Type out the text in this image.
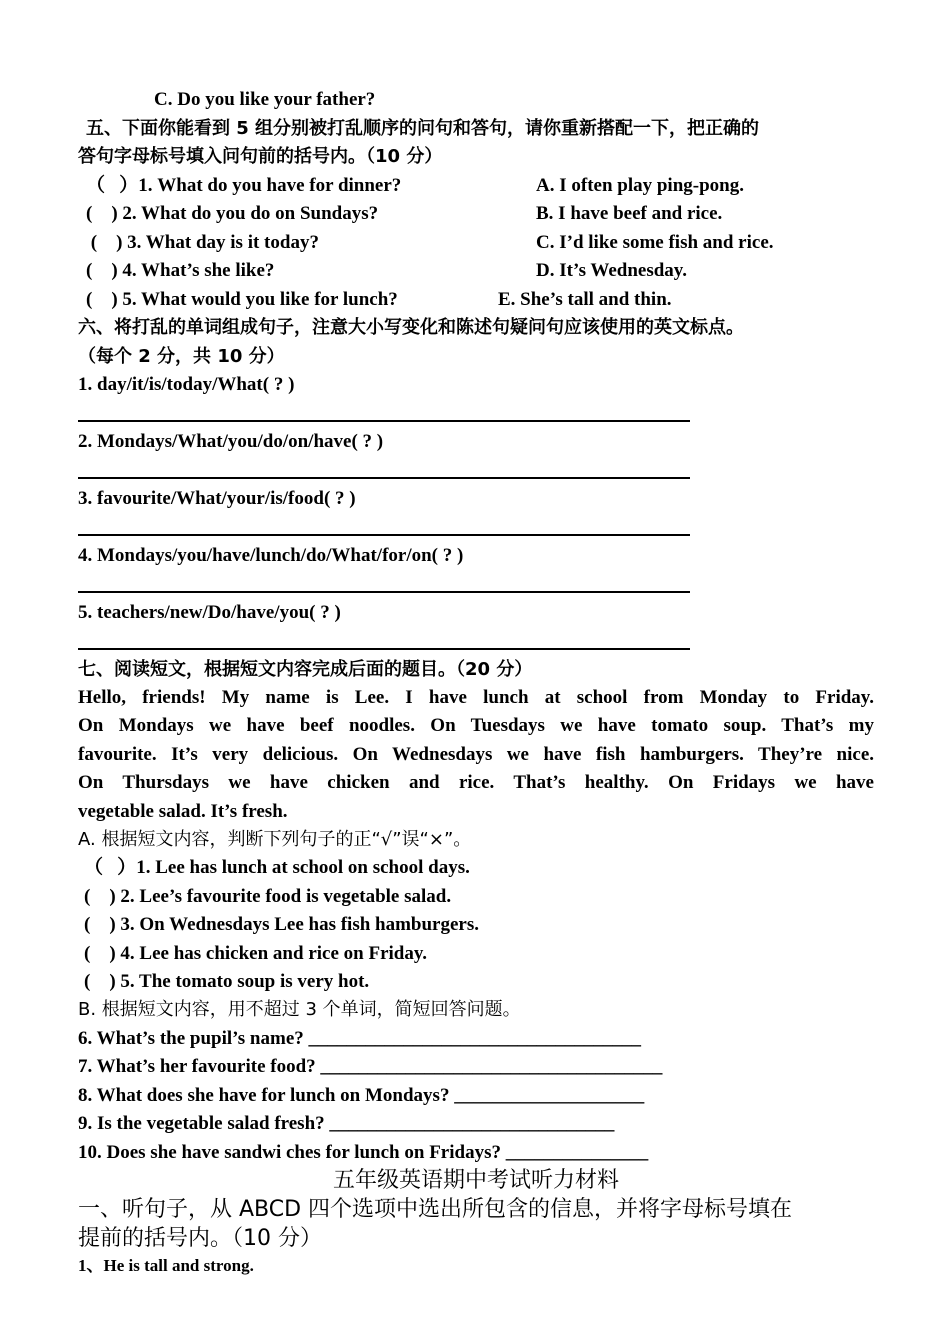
C. Do you like your father?
五、下面你能看到 5 组分别被打乱顺序的问句和答句，请你重新搭配一下，把正确的
答句字母标号填入问句前的括号内。（10 分）
（   ）1. What do you have for dinner?	A. I often play ping-pong.
(    ) 2. What do you do on Sundays?	B. I have beef and rice.
(    ) 3. What day is it today?	C. I’d like some fish and rice.
(    ) 4. What’s she like?	D. It’s Wednesday.
(    ) 5. What would you like for lunch?	E. She’s tall and thin.
六、将打乱的单词组成句子，注意大小写变化和陈述句疑问句应该使用的英文标点。
（每个 2 分，共 10 分）
1. day/it/is/today/What( ? )
2. Mondays/What/you/do/on/have( ? )
3. favourite/What/your/is/food( ? )
4. Mondays/you/have/lunch/do/What/for/on( ? )
5. teachers/new/Do/have/you( ? )
七、阅读短文，根据短文内容完成后面的题目。（20 分）
Hello, friends! My name is Lee. I have lunch at school from Monday to Friday.
On Mondays we have beef noodles. On Tuesdays we have tomato soup. That’s my
favourite. It’s very delicious. On Wednesdays we have fish hamburgers. They’re nice.
On Thursdays we have chicken and rice. That’s healthy. On Fridays we have
vegetable salad. It’s fresh.
A. 根据短文内容，判断下列句子的正“√”误“×”。
（   ）1. Lee has lunch at school on school days.
(    ) 2. Lee’s favourite food is vegetable salad.
(    ) 3. On Wednesdays Lee has fish hamburgers.
(    ) 4. Lee has chicken and rice on Friday.
(    ) 5. The tomato soup is very hot.
B. 根据短文内容，用不超过 3 个单词，简短回答问题。
6. What’s the pupil’s name? ___________________________________
7. What’s her favourite food? ____________________________________
8. What does she have for lunch on Mondays? ____________________
9. Is the vegetable salad fresh? ______________________________
10. Does she have sandwi ches for lunch on Fridays? _______________
五年级英语期中考试听力材料
一、听句子，从 ABCD 四个选项中选出所包含的信息，并将字母标号填在
提前的括号内。（10 分）
1、He is tall and strong.
